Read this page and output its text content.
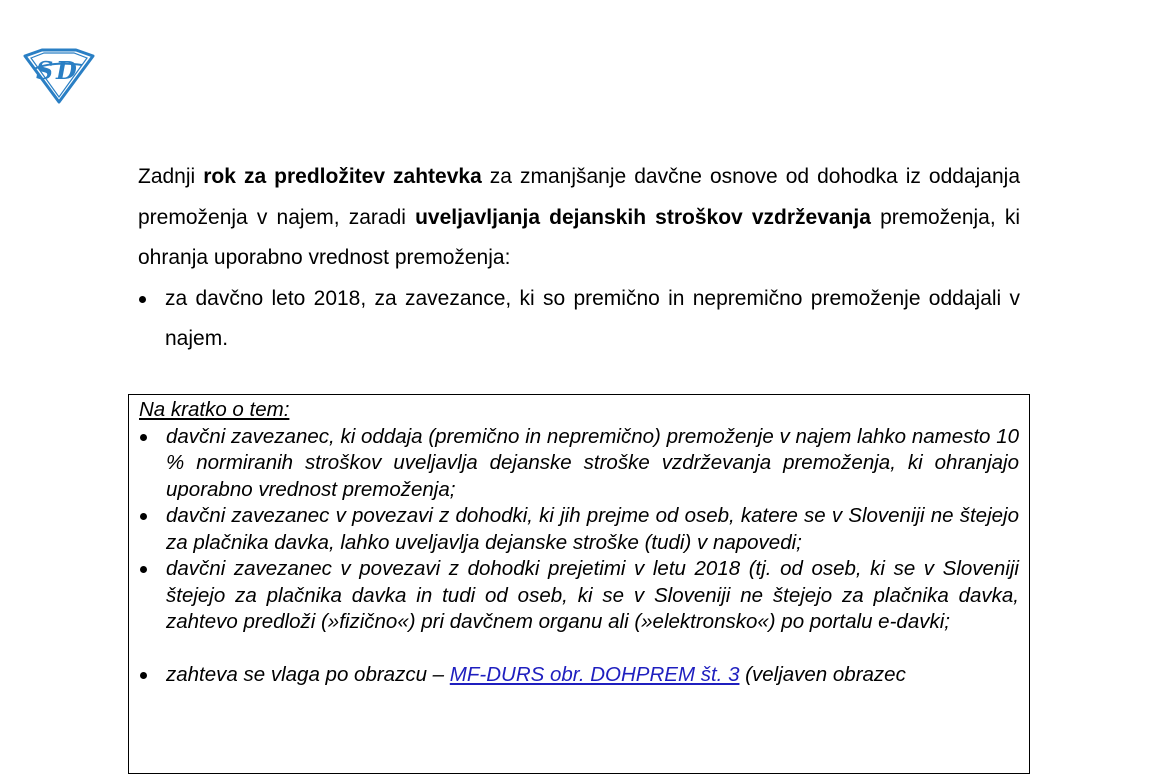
S D

Zadnji rok za predložitev zahtevka za zmanjšanje davčne osnove od dohodka iz oddajanja premoženja v najem, zaradi uveljavljanja dejanskih stroškov vzdrževanja premoženja, ki ohranja uporabno vrednost premoženja:

za davčno leto 2018, za zavezance, ki so premično in nepremično premoženje oddajali v najem.

Na kratko o tem:

davčni zavezanec, ki oddaja (premično in nepremično) premoženje v najem lahko namesto 10 % normiranih stroškov uveljavlja dejanske stroške vzdrževanja premoženja, ki ohranjajo uporabno vrednost premoženja;
davčni zavezanec v povezavi z dohodki, ki jih prejme od oseb, katere se v Sloveniji ne štejejo za plačnika davka, lahko uveljavlja dejanske stroške (tudi) v napovedi;
davčni zavezanec v povezavi z dohodki prejetimi v letu 2018 (tj. od oseb, ki se v Sloveniji štejejo za plačnika davka in tudi od oseb, ki se v Sloveniji ne štejejo za plačnika davka, zahtevo predloži (»fizično«) pri davčnem organu ali (»elektronsko«) po portalu e-davki;
zahteva se vlaga po obrazcu – MF-DURS obr. DOHPREM št. 3 (veljaven obrazec
